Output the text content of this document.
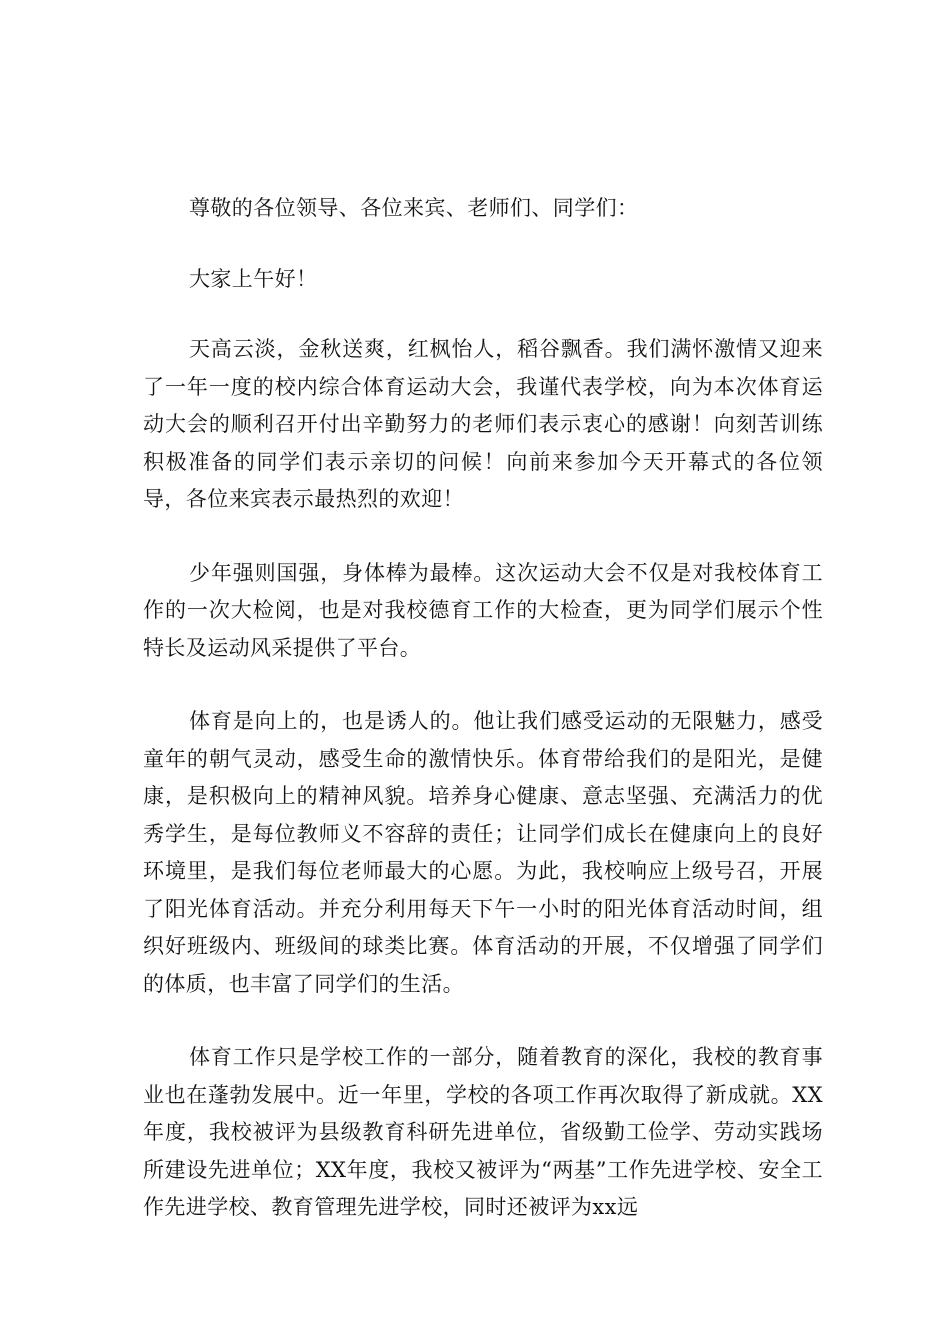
尊敬的各位领导、各位来宾、老师们、同学们：

大家上午好！

天高云淡，金秋送爽，红枫怡人，稻谷飘香。我们满怀激情又迎来了一年一度的校内综合体育运动大会，我谨代表学校，向为本次体育运动大会的顺利召开付出辛勤努力的老师们表示衷心的感谢！向刻苦训练积极准备的同学们表示亲切的问候！向前来参加今天开幕式的各位领导，各位来宾表示最热烈的欢迎！

少年强则国强，身体棒为最棒。这次运动大会不仅是对我校体育工作的一次大检阅，也是对我校德育工作的大检查，更为同学们展示个性特长及运动风采提供了平台。

体育是向上的，也是诱人的。他让我们感受运动的无限魅力，感受童年的朝气灵动，感受生命的激情快乐。体育带给我们的是阳光，是健康，是积极向上的精神风貌。培养身心健康、意志坚强、充满活力的优秀学生，是每位教师义不容辞的责任；让同学们成长在健康向上的良好环境里，是我们每位老师最大的心愿。为此，我校响应上级号召，开展了阳光体育活动。并充分利用每天下午一小时的阳光体育活动时间，组织好班级内、班级间的球类比赛。体育活动的开展，不仅增强了同学们的体质，也丰富了同学们的生活。

体育工作只是学校工作的一部分，随着教育的深化，我校的教育事业也在蓬勃发展中。近一年里，学校的各项工作再次取得了新成就。XX年度，我校被评为县级教育科研先进单位，省级勤工俭学、劳动实践场所建设先进单位；XX年度，我校又被评为“两基”工作先进学校、安全工作先进学校、教育管理先进学校，同时还被评为xx远
